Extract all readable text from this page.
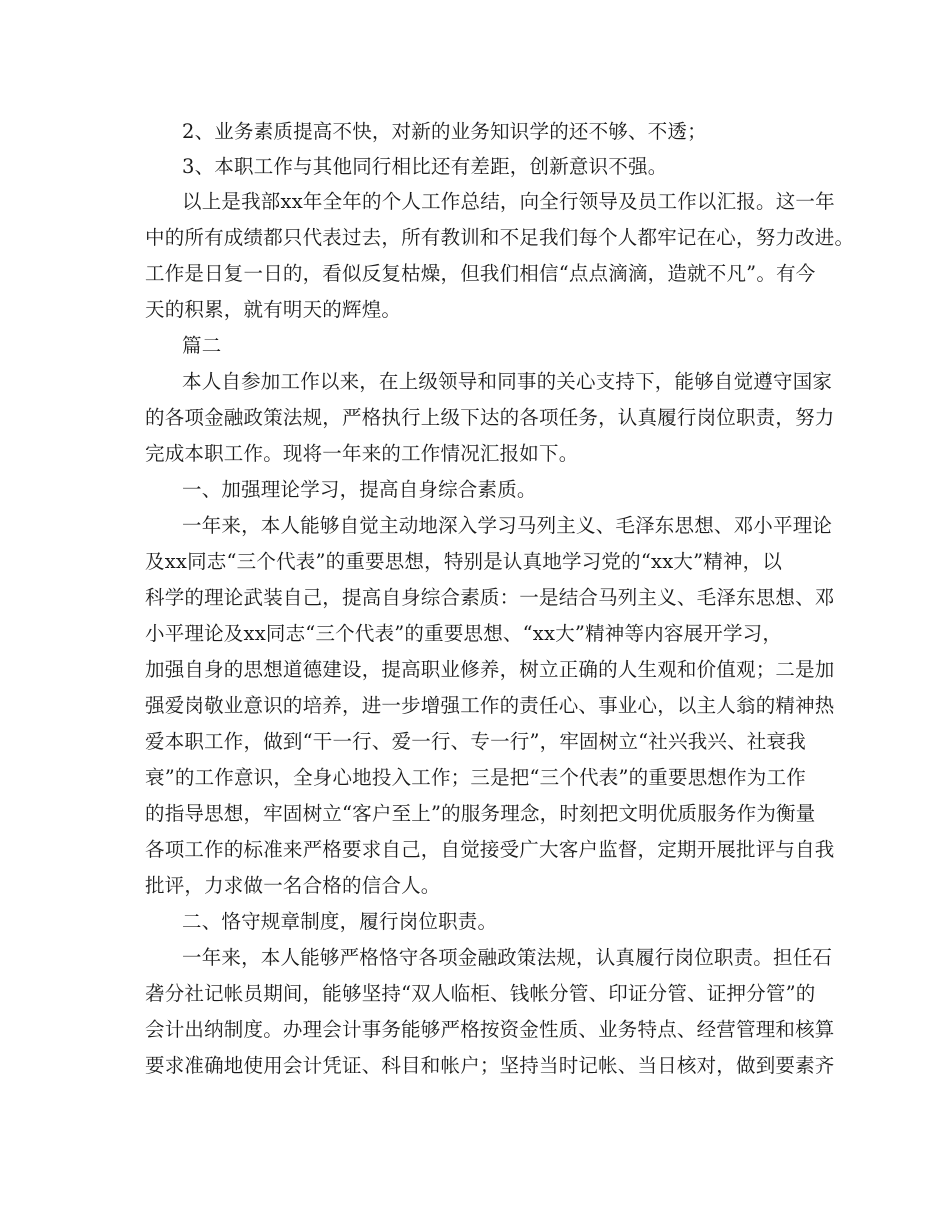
2、业务素质提高不快，对新的业务知识学的还不够、不透；
3、本职工作与其他同行相比还有差距，创新意识不强。
以上是我部xx年全年的个人工作总结，向全行领导及员工作以汇报。这一年
中的所有成绩都只代表过去，所有教训和不足我们每个人都牢记在心，努力改进。
工作是日复一日的，看似反复枯燥，但我们相信“点点滴滴，造就不凡”。有今
天的积累，就有明天的辉煌。
篇二
本人自参加工作以来，在上级领导和同事的关心支持下，能够自觉遵守国家
的各项金融政策法规，严格执行上级下达的各项任务，认真履行岗位职责，努力
完成本职工作。现将一年来的工作情况汇报如下。
一、加强理论学习，提高自身综合素质。
一年来，本人能够自觉主动地深入学习马列主义、毛泽东思想、邓小平理论
及xx同志“三个代表”的重要思想，特别是认真地学习党的“xx大”精神，以
科学的理论武装自己，提高自身综合素质：一是结合马列主义、毛泽东思想、邓
小平理论及xx同志“三个代表”的重要思想、“xx大”精神等内容展开学习，
加强自身的思想道德建设，提高职业修养，树立正确的人生观和价值观；二是加
强爱岗敬业意识的培养，进一步增强工作的责任心、事业心，以主人翁的精神热
爱本职工作，做到“干一行、爱一行、专一行”，牢固树立“社兴我兴、社衰我
衰”的工作意识，全身心地投入工作；三是把“三个代表”的重要思想作为工作
的指导思想，牢固树立“客户至上”的服务理念，时刻把文明优质服务作为衡量
各项工作的标准来严格要求自己，自觉接受广大客户监督，定期开展批评与自我
批评，力求做一名合格的信合人。
二、恪守规章制度，履行岗位职责。
一年来，本人能够严格恪守各项金融政策法规，认真履行岗位职责。担任石
砻分社记帐员期间，能够坚持“双人临柜、钱帐分管、印证分管、证押分管”的
会计出纳制度。办理会计事务能够严格按资金性质、业务特点、经营管理和核算
要求准确地使用会计凭证、科目和帐户；坚持当时记帐、当日核对，做到要素齐
